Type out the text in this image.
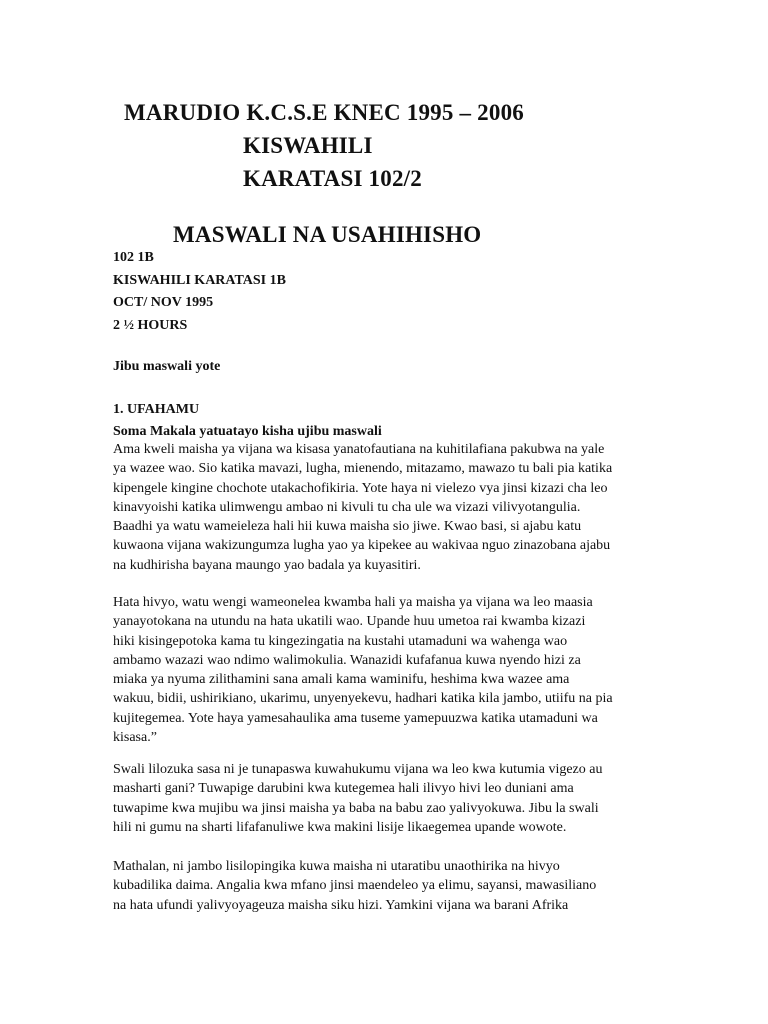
MARUDIO K.C.S.E KNEC 1995 – 2006
KISWAHILI
KARATASI 102/2
MASWALI NA USAHIHISHO
102 1B
KISWAHILI KARATASI 1B
OCT/ NOV 1995
2 ½ HOURS
Jibu maswali yote
1. UFAHAMU
Soma Makala yatuatayo kisha ujibu maswali
Ama kweli maisha ya vijana wa kisasa yanatofautiana na kuhitilafiana pakubwa na yale
ya wazee wao. Sio katika mavazi, lugha, mienendo, mitazamo, mawazo tu bali pia katika
kipengele kingine chochote utakachofikiria. Yote haya ni vielezo vya jinsi kizazi cha leo
kinavyoishi katika ulimwengu ambao ni kivuli tu cha ule wa vizazi vilivyotangulia.
Baadhi ya watu wameieleza hali hii kuwa maisha sio jiwe. Kwao basi, si ajabu katu
kuwaona vijana wakizungumza lugha yao ya kipekee au wakivaa nguo zinazobana ajabu
na kudhirisha bayana maungo yao badala ya kuyasitiri.
Hata hivyo, watu wengi wameonelea kwamba hali ya maisha ya vijana wa leo maasia
yanayotokana na utundu na hata ukatili wao. Upande huu umetoa rai kwamba kizazi
hiki kisingepotoka kama tu kingezingatia na kustahi utamaduni wa wahenga wao
ambamo wazazi wao ndimo walimokulia. Wanazidi kufafanua kuwa nyendo hizi za
miaka ya nyuma zilithamini sana amali kama waminifu, heshima kwa wazee ama
wakuu, bidii, ushirikiano, ukarimu, unyenyekevu, hadhari katika kila jambo, utiifu na pia
kujitegemea. Yote haya yamesahaulika ama tuseme yamepuuzwa katika utamaduni wa
kisasa.”
Swali lilozuka sasa ni je tunapaswa kuwahukumu vijana wa leo kwa kutumia vigezo au
masharti gani? Tuwapige darubini kwa kutegemea hali ilivyo hivi leo duniani ama
tuwapime kwa mujibu wa jinsi maisha ya baba na babu zao yalivyokuwa. Jibu la swali
hili ni gumu na sharti lifafanuliwe kwa makini lisije likaegemea upande wowote.
Mathalan, ni jambo lisilopingika kuwa maisha ni utaratibu unaothirika na hivyo
kubadilika daima. Angalia kwa mfano jinsi maendeleo ya elimu, sayansi, mawasiliano
na hata ufundi yalivyoyageuza maisha siku hizi. Yamkini vijana wa barani Afrika
